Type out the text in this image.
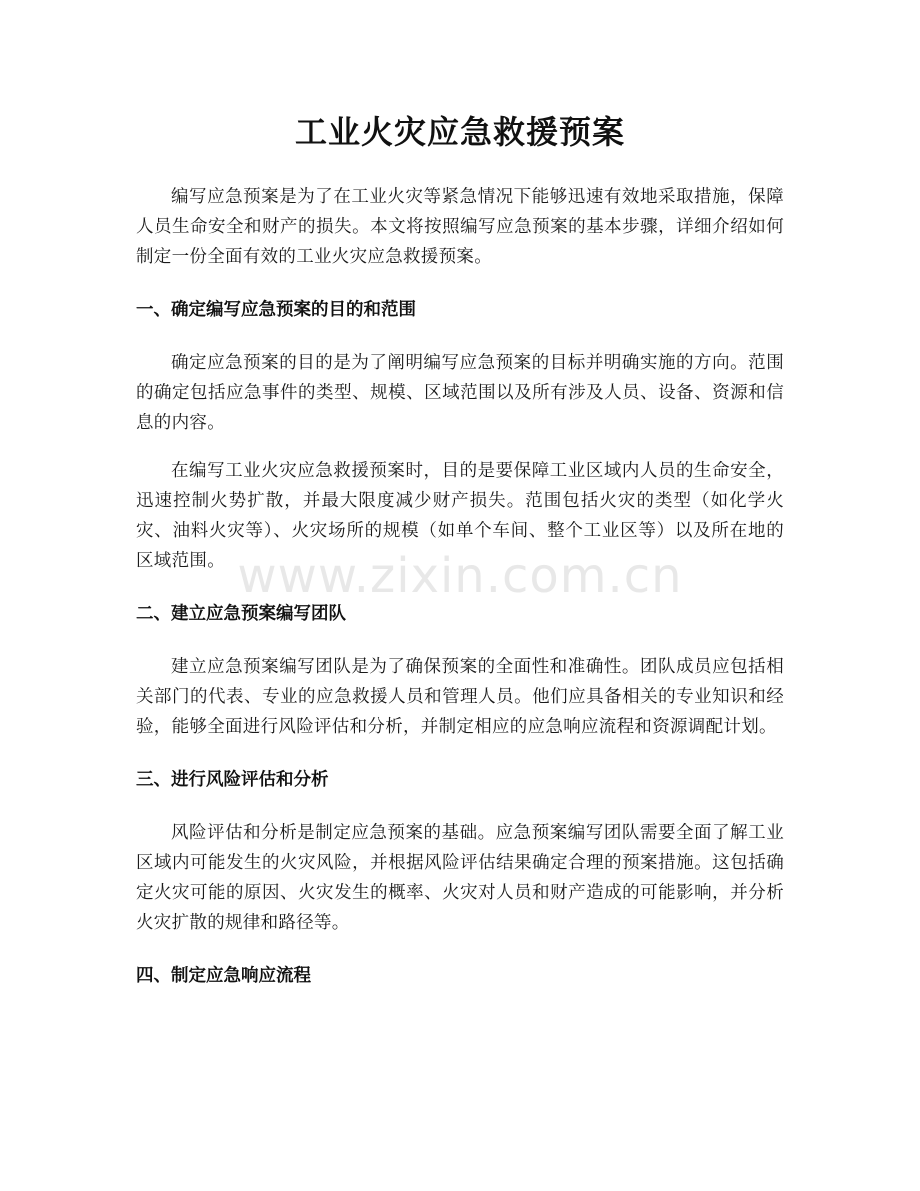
工业火灾应急救援预案

编写应急预案是为了在工业火灾等紧急情况下能够迅速有效地采取措施，保障人员生命安全和财产的损失。本文将按照编写应急预案的基本步骤，详细介绍如何制定一份全面有效的工业火灾应急救援预案。

一、确定编写应急预案的目的和范围

确定应急预案的目的是为了阐明编写应急预案的目标并明确实施的方向。范围的确定包括应急事件的类型、规模、区域范围以及所有涉及人员、设备、资源和信息的内容。

在编写工业火灾应急救援预案时，目的是要保障工业区域内人员的生命安全，迅速控制火势扩散，并最大限度减少财产损失。范围包括火灾的类型（如化学火灾、油料火灾等）、火灾场所的规模（如单个车间、整个工业区等）以及所在地的区域范围。

二、建立应急预案编写团队

建立应急预案编写团队是为了确保预案的全面性和准确性。团队成员应包括相关部门的代表、专业的应急救援人员和管理人员。他们应具备相关的专业知识和经验，能够全面进行风险评估和分析，并制定相应的应急响应流程和资源调配计划。

三、进行风险评估和分析

风险评估和分析是制定应急预案的基础。应急预案编写团队需要全面了解工业区域内可能发生的火灾风险，并根据风险评估结果确定合理的预案措施。这包括确定火灾可能的原因、火灾发生的概率、火灾对人员和财产造成的可能影响，并分析火灾扩散的规律和路径等。

四、制定应急响应流程
www.zixin.com.cn
